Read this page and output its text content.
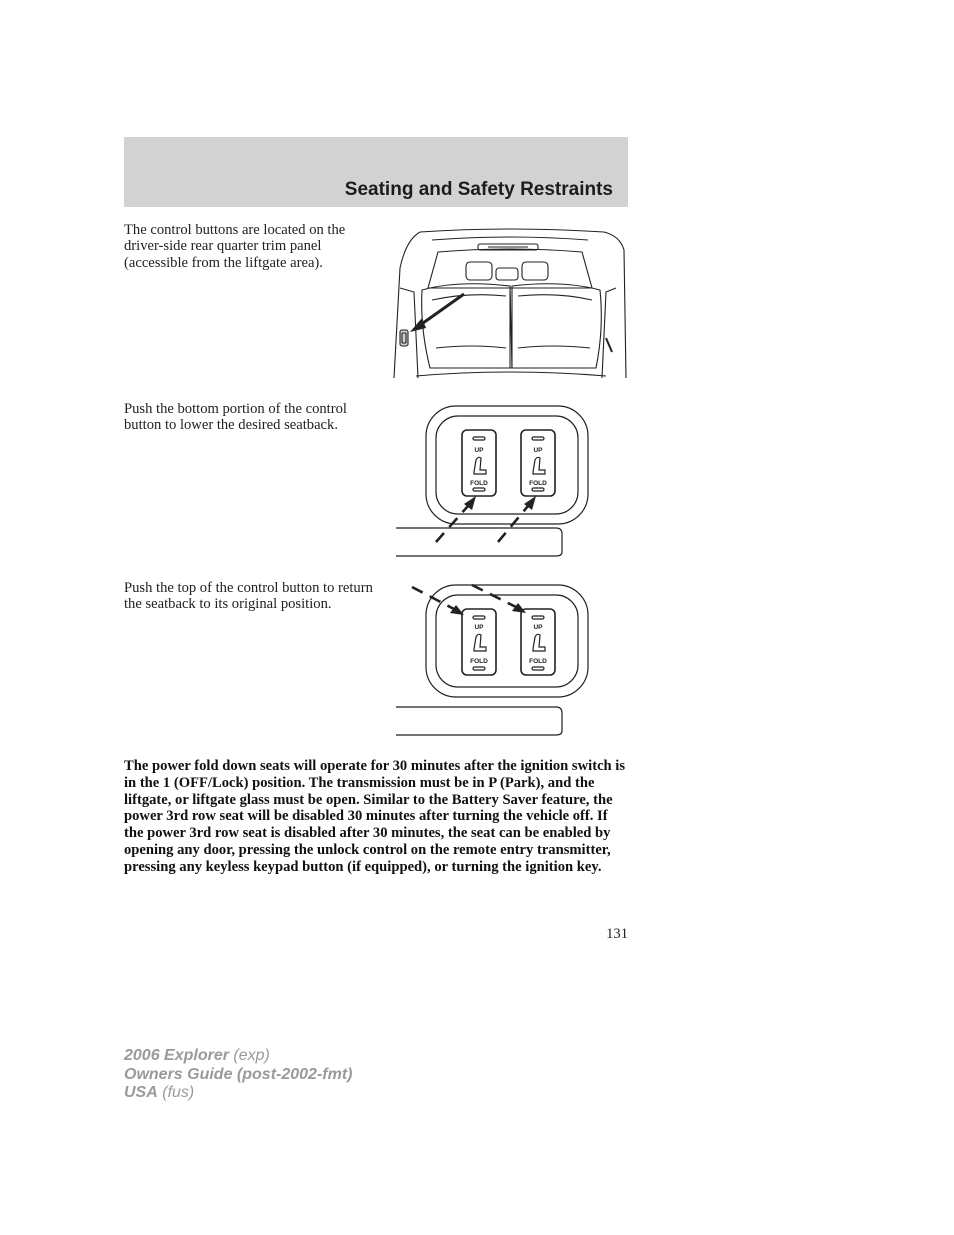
Seating and Safety Restraints
The control buttons are located on the driver-side rear quarter trim panel (accessible from the liftgate area).
Push the bottom portion of the control button to lower the desired seatback.
UP
FOLD
UP
FOLD
Push the top of the control button to return the seatback to its original position.
UP
FOLD
UP
FOLD
The power fold down seats will operate for 30 minutes after the ignition switch is in the 1 (OFF/Lock) position. The transmission must be in P (Park), and the liftgate, or liftgate glass must be open. Similar to the Battery Saver feature, the power 3rd row seat will be disabled 30 minutes after turning the vehicle off. If the power 3rd row seat is disabled after 30 minutes, the seat can be enabled by opening any door, pressing the unlock control on the remote entry transmitter, pressing any keyless keypad button (if equipped), or turning the ignition key.
131
2006 Explorer (exp)
Owners Guide (post-2002-fmt)
USA (fus)
